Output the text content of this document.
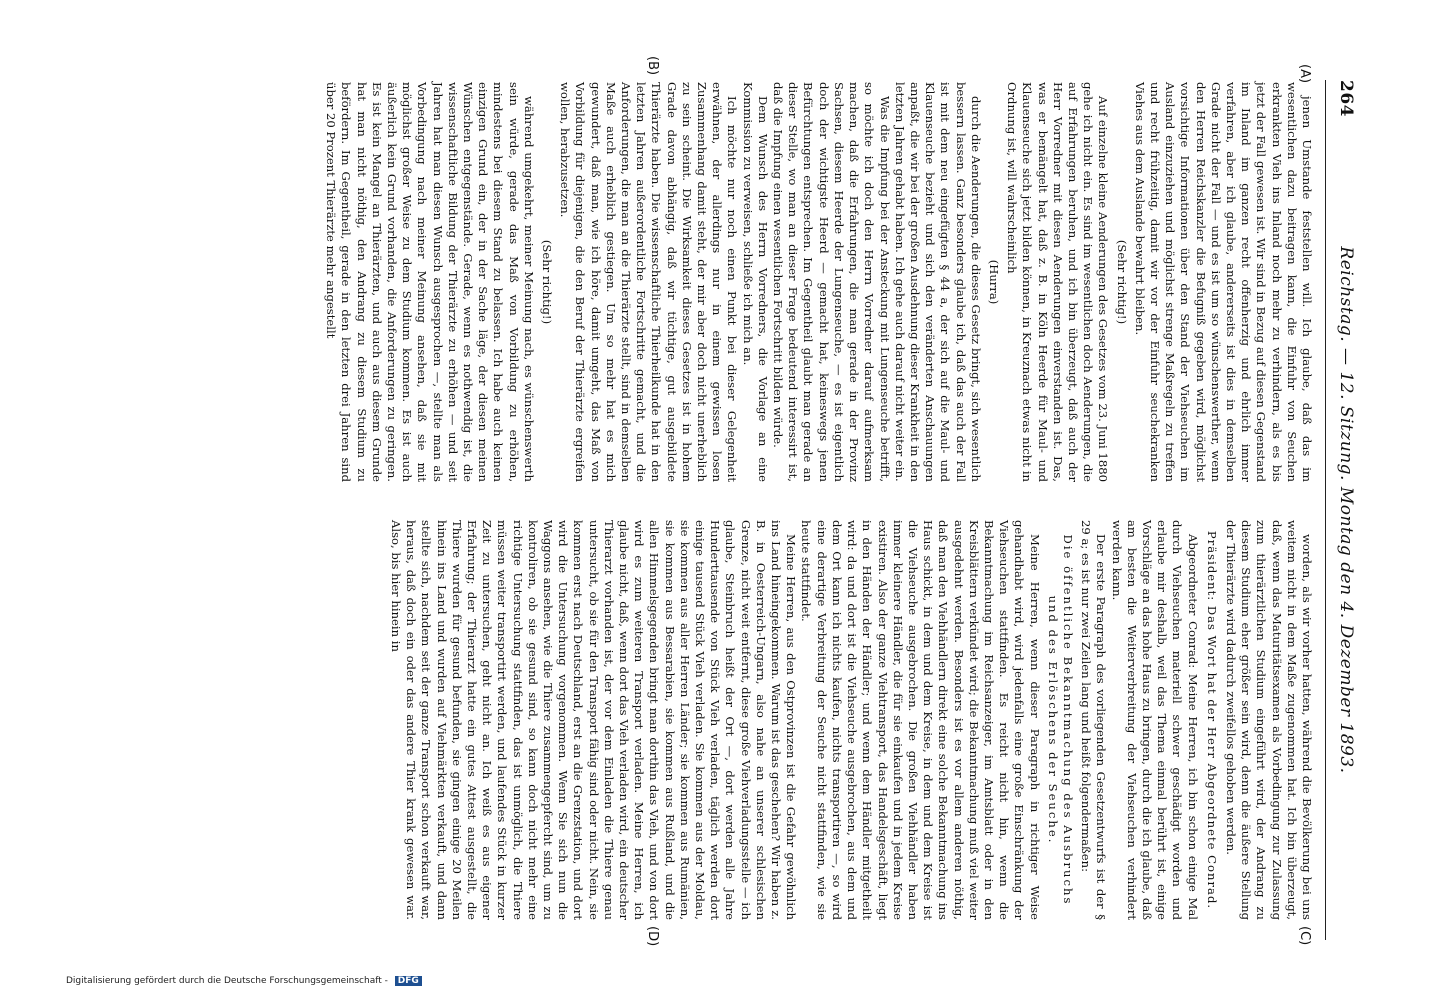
264
Reichstag. — 12. Sitzung. Montag den 4. Dezember 1893.
(A)
(B)
(C)
(D)

jenen Umstande feststellen will. Ich glaube, daß das im wesentlichen dazu beitragen kann, die Einfuhr von Seuchen erkrankten Vieh ins Inland noch mehr zu verhindern, als es bis jetzt der Fall gewesen ist. Wir sind in Bezug auf diesen Gegenstand im Inland im ganzen recht offenherzig und ehrlich immer verfahren, aber ich glaube, andererseits ist dies in demselben Grade nicht der Fall — und es ist um so wünschenswerther, wenn den Herren Reichskanzler die Befugniß gegeben wird, möglichst vorsichtige Informationen über den Stand der Viehseuchen im Ausland einzuziehen und möglichst strenge Maßregeln zu treffen und recht frühzeitig, damit wir vor der Einfuhr seuchekranken Viehes aus dem Auslande bewahrt bleiben.

(Sehr richtig!)

Auf einzelne kleine Aenderungen des Gesetzes vom 23. Juni 1880 gehe ich nicht ein. Es sind im wesentlichen doch Aenderungen, die auf Erfahrungen beruhen, und ich bin überzeugt, daß auch der Herr Vorredner mit diesen Aenderungen einverstanden ist. Das, was er bemängelt hat, daß z. B. in Köln Heerde für Maul- und Klauenseuche sich jetzt bilden können, in Kreuznach etwas nicht in Ordnung ist, will wahrscheinlich

(Hurra)

durch die Aenderungen, die dieses Gesetz bringt, sich wesentlich bessern lassen. Ganz besonders glaube ich, daß das auch der Fall ist mit dem neu eingefügten § 44 a, der sich auf die Maul- und Klauenseuche bezieht und sich den veränderten Anschauungen anpaßt, die wir bei der großen Ausdehnung dieser Krankheit in den letzten Jahren gehabt haben. Ich gehe auch darauf nicht weiter ein.

Was die Impfung bei der Ansteckung mit Lungenseuche betrifft, so möchte ich doch den Herrn Vorredner darauf aufmerksam machen, daß die Erfahrungen, die man gerade in der Provinz Sachsen, diesem Heerde der Lungenseuche, — es ist eigentlich doch der wichtigste Heerd — gemacht hat, keineswegs jenen Befürchtungen entsprechen. Im Gegentheil glaubt man gerade an dieser Stelle, wo man an dieser Frage bedeutend interessirt ist, daß die Impfung einen wesentlichen Fortschritt bilden würde.

Dem Wunsch des Herrn Vorredners, die Vorlage an eine Kommission zu verweisen, schließe ich mich an.

Ich möchte nur noch einen Punkt bei dieser Gelegenheit erwähnen, der allerdings nur in einem gewissen losen Zusammenhang damit steht, der mir aber doch nicht unerheblich zu sein scheint. Die Wirksamkeit dieses Gesetzes ist in hohem Grade davon abhängig, daß wir tüchtige, gut ausgebildete Thierärzte haben. Die wissenschaftliche Thierheilkunde hat in den letzten Jahren außerordentliche Fortschritte gemacht, und die Anforderungen, die man an die Thierärzte stellt, sind in demselben Maße auch erheblich gestiegen. Um so mehr hat es mich gewundert, daß man, wie ich höre, damit umgeht, das Maß von Vorbildung für diejenigen, die den Beruf der Thierärzte ergreifen wollen, herabzusetzen.

(Sehr richtig!)

während umgekehrt, meiner Meinung nach, es wünschenswerth sein würde, gerade das Maß von Vorbildung zu erhöhen, mindestens bei diesem Stand zu belassen. Ich habe auch keinen einzigen Grund ein, der in der Sache läge, der diesen meinen Wünschen entgegenstände. Gerade, wenn es nothwendig ist, die wissenschaftliche Bildung der Thierärzte zu erhöhen — und seit Jahren hat man diesen Wunsch ausgesprochen —, stellte man als Vorbedingung nach meiner Meinung ansehen, daß sie mit möglichst großer Weise zu dem Studium kommen. Es ist auch äußerlich kein Grund vorhanden, die Anforderungen zu geringen. Es ist kein Mangel an Thierärzten, und auch aus diesem Grunde hat man nicht nöthig, den Andrang zu diesem Studium zu befördern. Im Gegentheil, gerade in den letzten drei Jahren sind über 20 Prozent Thierärzte mehr angestellt

worden, als wir vorher hatten, während die Bevölkerung bei uns weitem nicht in dem Maße zugenommen hat. Ich bin überzeugt, daß, wenn das Maturitätsexamen als Vorbedingung zur Zulassung zum thierärztlichen Studium eingeführt wird, der Andrang zu diesem Studium eher größer sein wird, denn die äußere Stellung der Thierärzte wird dadurch zweifellos gehoben werden.

Präsident: Das Wort hat der Herr Abgeordnete Conrad.

Abgeordneter Conrad: Meine Herren, ich bin schon einige Mal durch Viehseuchen materiell schwer geschädigt worden und erlaube mir deshalb, weil das Thema einmal berührt ist, einige Vorschläge an das hohe Haus zu bringen, durch die ich glaube, daß am besten die Weiterverbreitung der Viehseuchen verhindert werden kann.

Der erste Paragraph des vorliegenden Gesetzentwurfs ist der § 29 a; es ist nur zwei Zeilen lang und heißt folgendermaßen:

Die öffentliche Bekanntmachung des Ausbruchs und des Erlöschens der Seuche.

Meine Herren, wenn dieser Paragraph in richtiger Weise gehandhabt wird, wird jedenfalls eine große Einschränkung der Viehseuchen stattfinden. Es reicht nicht hin, wenn die Bekanntmachung im Reichsanzeiger, im Amtsblatt oder in den Kreisblättern verkündet wird; die Bekanntmachung muß viel weiter ausgedehnt werden. Besonders ist es vor allem anderen nöthig, daß man den Viehhändlern direkt eine solche Bekanntmachung ins Haus schickt, in dem und dem Kreise, in dem und dem Kreise ist die Viehseuche ausgebrochen. Die großen Viehhändler haben immer kleinere Händler, die für sie einkaufen und in jedem Kreise existiren. Also der ganze Viehtransport, das Handelsgeschäft, liegt in den Händen der Händler; und wenn dem Händler mitgetheilt wird: da und dort ist die Viehseuche ausgebrochen, aus dem und dem Ort kann ich nichts kaufen, nichts transportiren —, so wird eine derartige Verbreitung der Seuche nicht stattfinden, wie sie heute stattfindet.

Meine Herren, aus den Ostprovinzen ist die Gefahr gewöhnlich ins Land hineingekommen. Warum ist das geschehen? Wir haben z. B. in Oesterreich-Ungarn, also nahe an unserer schlesischen Grenze, nicht weit entfernt, diese große Viehverladungsstelle — ich glaube, Steinbruch heißt der Ort —, dort werden alle Jahre Hunderttausende von Stück Vieh verladen, täglich werden dort einige tausend Stück Vieh verladen. Sie kommen aus der Moldau, sie kommen aus aller Herren Länder; sie kommen aus Rumänien, sie kommen aus Bessarabien, sie kommen aus Rußland, und die allen Himmelsgegenden bringt man dorthin das Vieh, und von dort wird es zum weiteren Transport verladen. Meine Herren, ich glaube nicht, daß, wenn dort das Vieh verladen wird, ein deutscher Thierarzt vorhanden ist, der vor dem Einladen die Thiere genau untersucht, ob sie für den Transport fähig sind oder nicht. Nein, sie kommen erst nach Deutschland, erst an die Grenzstation, und dort wird die Untersuchung vorgenommen. Wenn Sie sich nun die Waggons ansehen, wie die Thiere zusammengepfercht sind, um zu kontroliren, ob sie gesund sind, so kann doch nicht mehr eine richtige Untersuchung stattfinden, das ist unmöglich, die Thiere müssen weiter transportirt werden, und laufendes Stück in kurzer Zeit zu untersuchen, geht nicht an. Ich weiß es aus eigener Erfahrung; der Thierarzt hatte ein gutes Attest ausgestellt, die Thiere wurden für gesund befunden, sie gingen einige 20 Meilen hinein ins Land und wurden auf Viehmärkten verkauft, und dann stellte sich, nachdem seit der ganze Transport schon verkauft war, heraus, daß doch ein oder das andere Thier krank gewesen war. Also, bis hier hinein in

Digitalisierung gefördert durch die Deutsche Forschungsgemeinschaft - DFG
